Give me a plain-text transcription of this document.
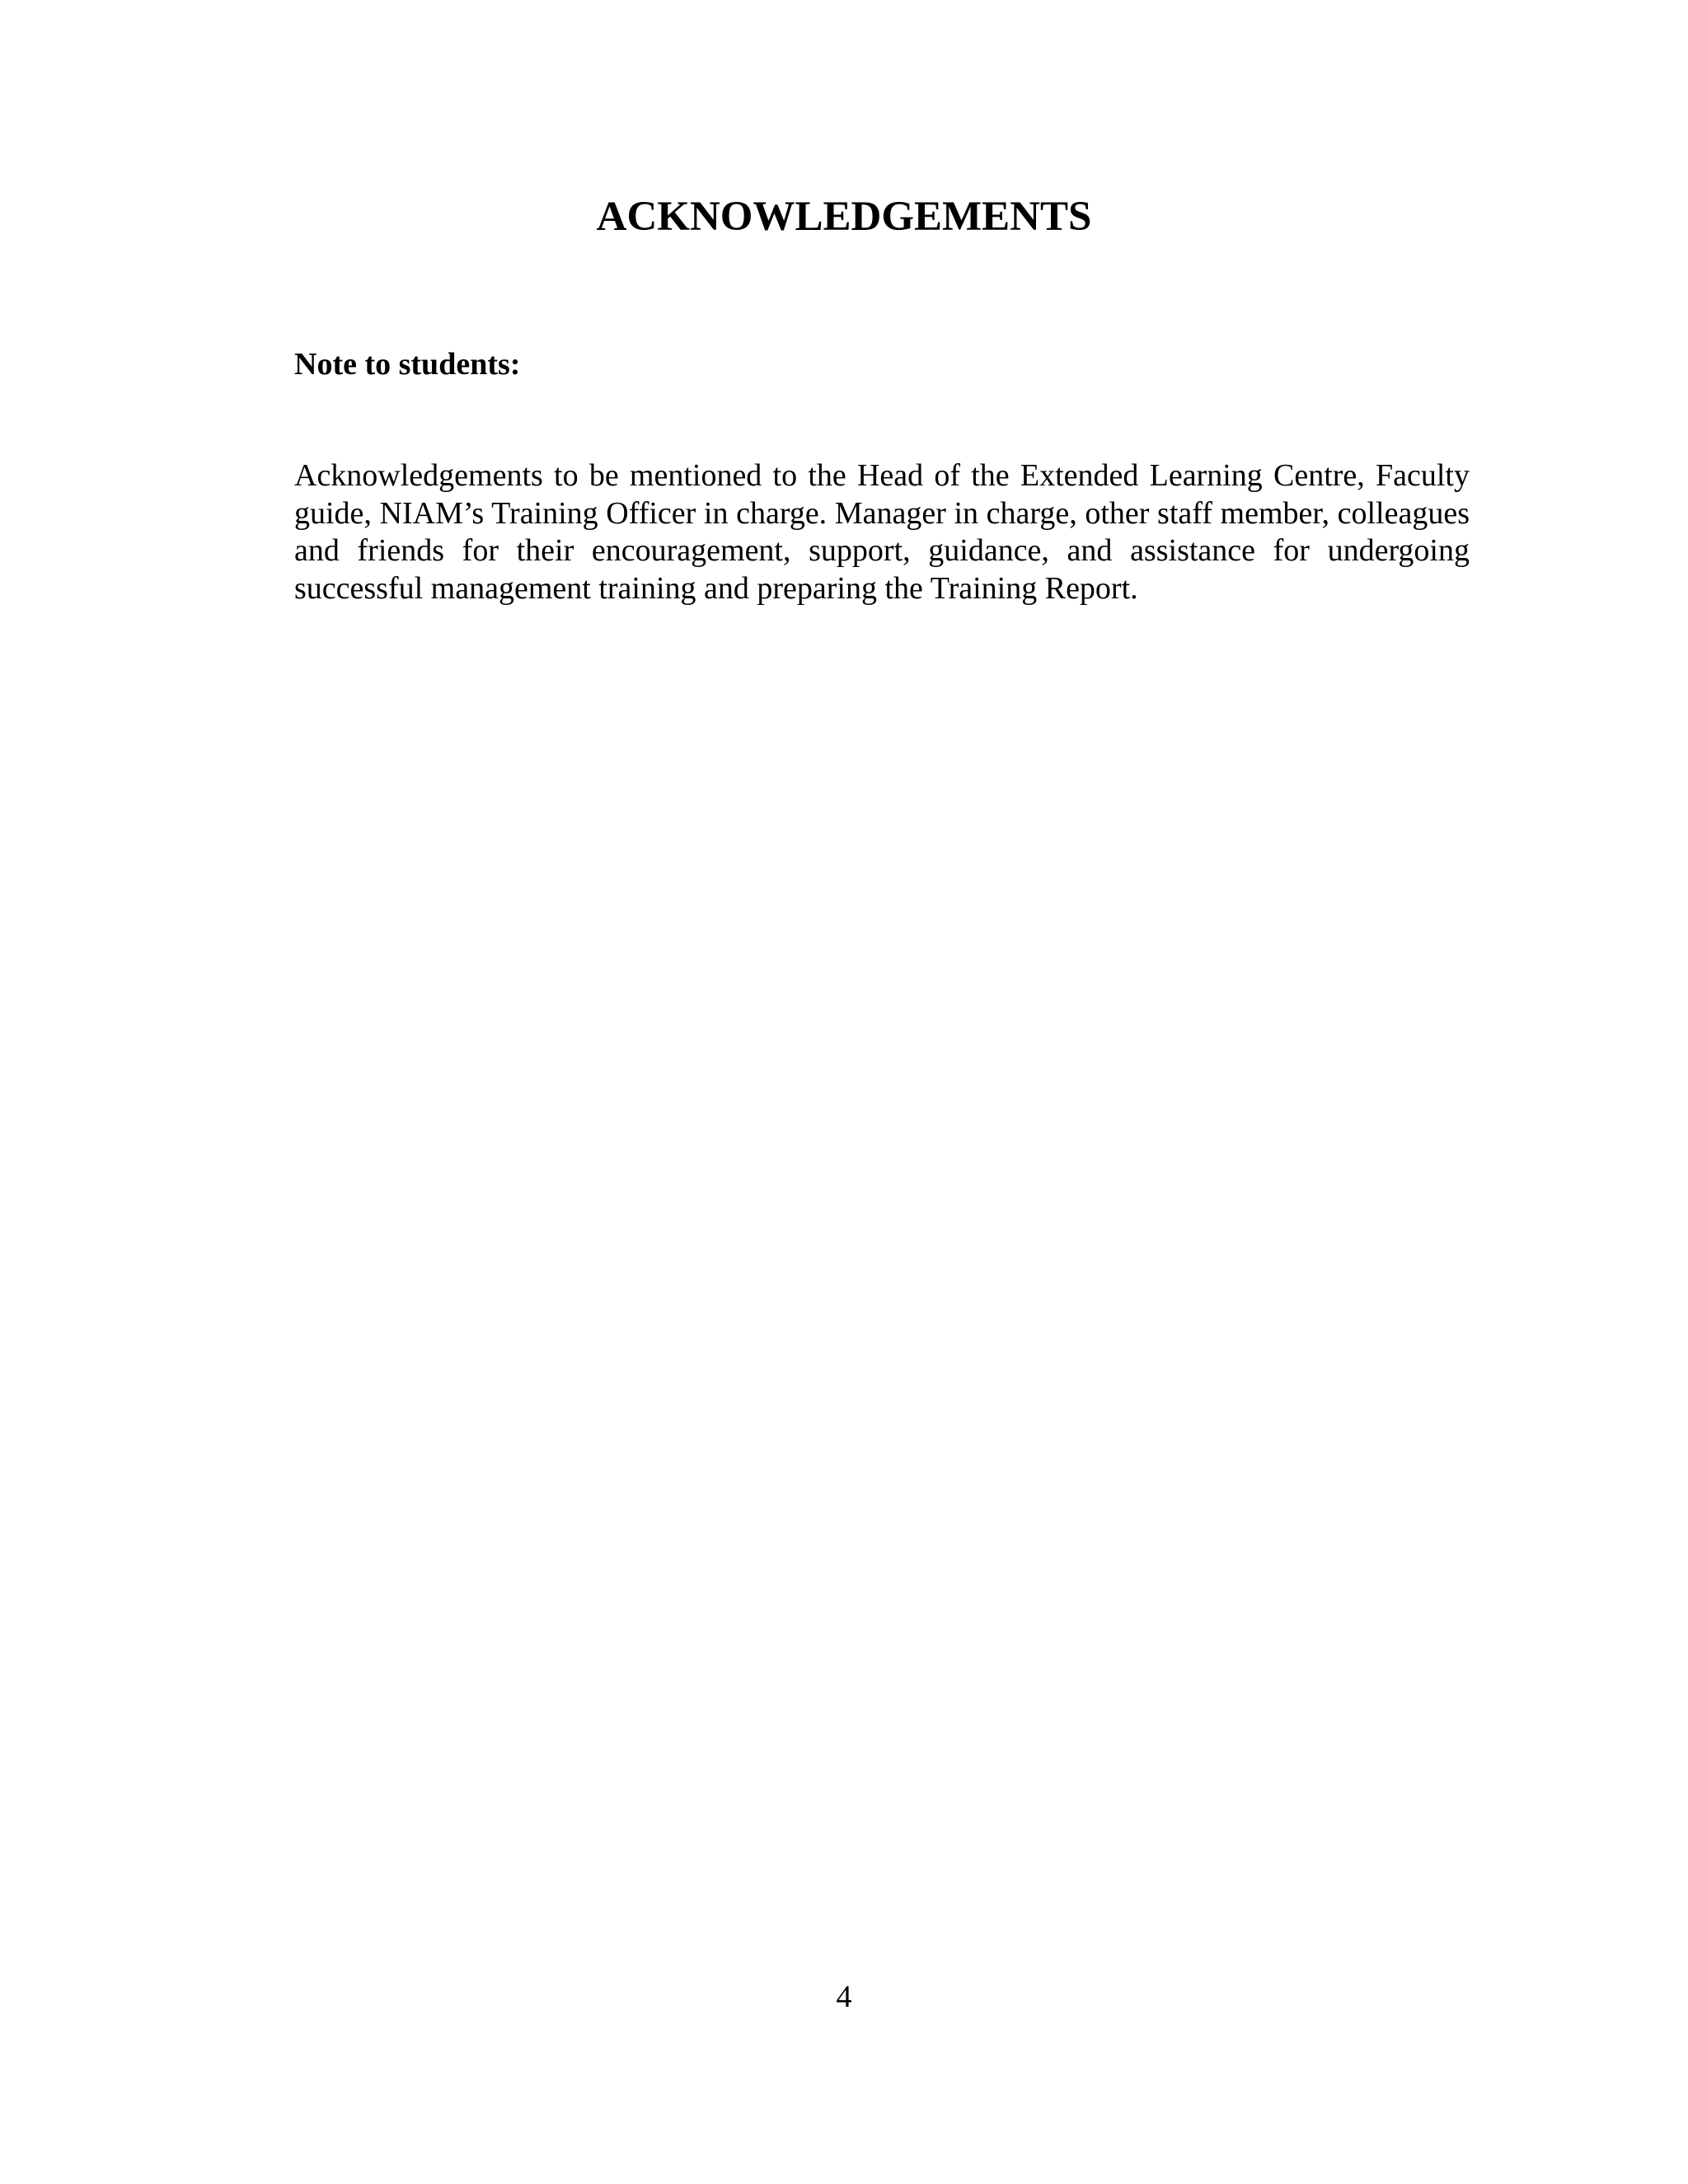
ACKNOWLEDGEMENTS
Note to students:

Acknowledgements to be mentioned to the Head of the Extended Learning Centre, Faculty guide, NIAM’s Training Officer in charge. Manager in charge, other staff member, colleagues and friends for their encouragement, support, guidance, and assistance for undergoing successful management training and preparing the Training Report.

4
